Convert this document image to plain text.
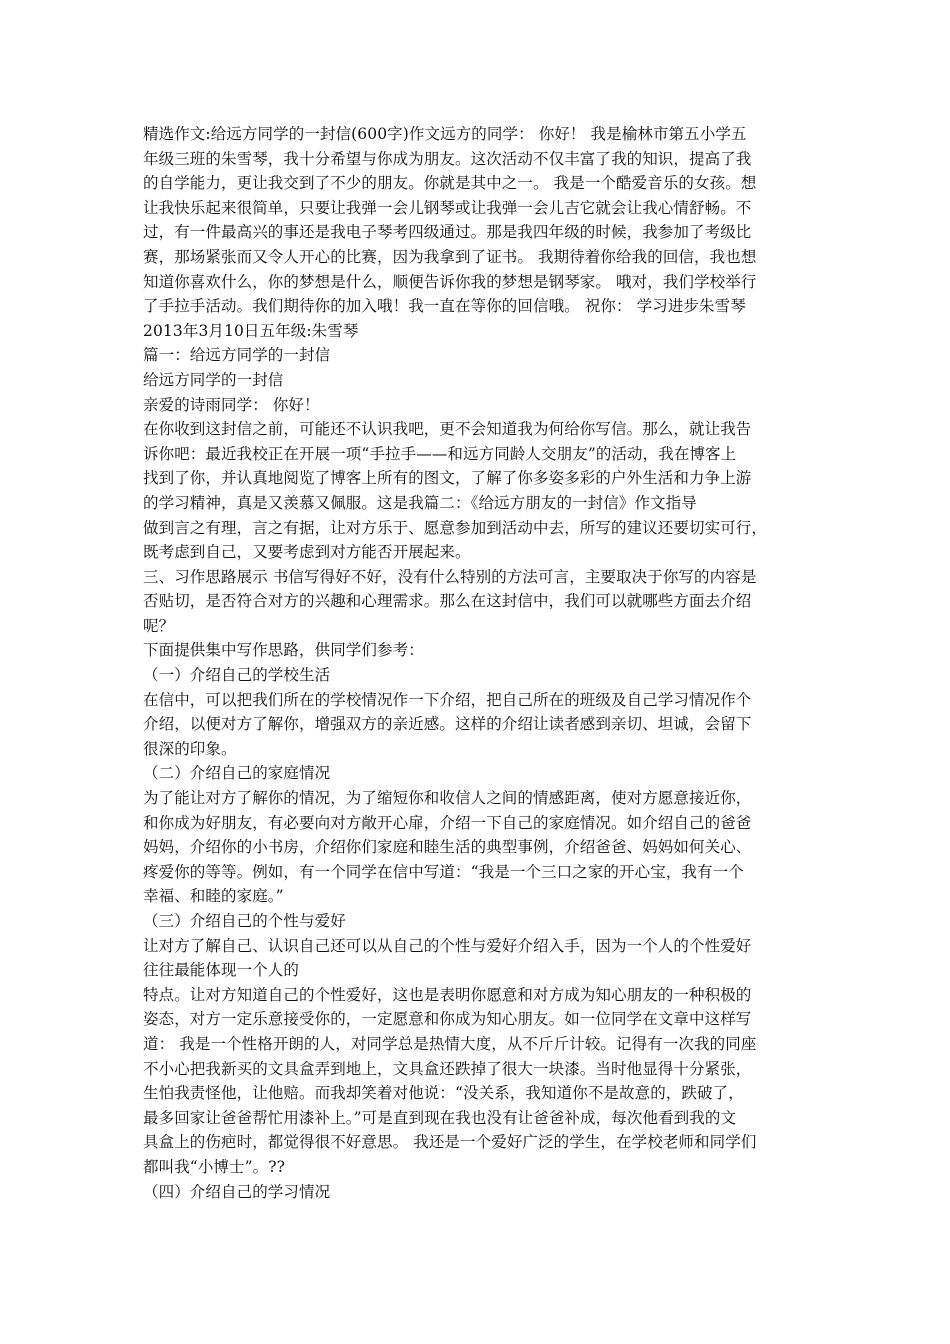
精选作文:给远方同学的一封信(600字)作文远方的同学： 你好！ 我是榆林市第五小学五
年级三班的朱雪琴，我十分希望与你成为朋友。这次活动不仅丰富了我的知识，提高了我
的自学能力，更让我交到了不少的朋友。你就是其中之一。 我是一个酷爱音乐的女孩。想
让我快乐起来很简单，只要让我弹一会儿钢琴或让我弹一会儿吉它就会让我心情舒畅。不
过，有一件最高兴的事还是我电子琴考四级通过。那是我四年级的时候，我参加了考级比
赛，那场紧张而又令人开心的比赛，因为我拿到了证书。 我期待着你给我的回信，我也想
知道你喜欢什么，你的梦想是什么，顺便告诉你我的梦想是钢琴家。 哦对，我们学校举行
了手拉手活动。我们期待你的加入哦！我一直在等你的回信哦。 祝你： 学习进步朱雪琴
2013年3月10日五年级:朱雪琴
篇一：给远方同学的一封信
给远方同学的一封信
亲爱的诗雨同学： 你好！
在你收到这封信之前，可能还不认识我吧，更不会知道我为何给你写信。那么，就让我告
诉你吧：最近我校正在开展一项“手拉手——和远方同龄人交朋友”的活动，我在博客上
找到了你，并认真地阅览了博客上所有的图文，了解了你多姿多彩的户外生活和力争上游
的学习精神，真是又羡慕又佩服。这是我篇二：《给远方朋友的一封信》作文指导
做到言之有理，言之有据，让对方乐于、愿意参加到活动中去，所写的建议还要切实可行，
既考虑到自己，又要考虑到对方能否开展起来。
三、习作思路展示 书信写得好不好，没有什么特别的方法可言，主要取决于你写的内容是
否贴切，是否符合对方的兴趣和心理需求。那么在这封信中，我们可以就哪些方面去介绍
呢？
下面提供集中写作思路，供同学们参考：
（一）介绍自己的学校生活
在信中，可以把我们所在的学校情况作一下介绍，把自己所在的班级及自己学习情况作个
介绍，以便对方了解你，增强双方的亲近感。这样的介绍让读者感到亲切、坦诚，会留下
很深的印象。
（二）介绍自己的家庭情况
为了能让对方了解你的情况，为了缩短你和收信人之间的情感距离，使对方愿意接近你，
和你成为好朋友，有必要向对方敞开心扉，介绍一下自己的家庭情况。如介绍自己的爸爸
妈妈，介绍你的小书房，介绍你们家庭和睦生活的典型事例，介绍爸爸、妈妈如何关心、
疼爱你的等等。例如，有一个同学在信中写道：“我是一个三口之家的开心宝，我有一个
幸福、和睦的家庭。”
（三）介绍自己的个性与爱好
让对方了解自己、认识自己还可以从自己的个性与爱好介绍入手，因为一个人的个性爱好
往往最能体现一个人的
特点。让对方知道自己的个性爱好，这也是表明你愿意和对方成为知心朋友的一种积极的
姿态，对方一定乐意接受你的，一定愿意和你成为知心朋友。如一位同学在文章中这样写
道： 我是一个性格开朗的人，对同学总是热情大度，从不斤斤计较。记得有一次我的同座
不小心把我新买的文具盒弄到地上，文具盒还跌掉了很大一块漆。当时他显得十分紧张，
生怕我责怪他，让他赔。而我却笑着对他说：“没关系，我知道你不是故意的，跌破了，
最多回家让爸爸帮忙用漆补上。”可是直到现在我也没有让爸爸补成，每次他看到我的文
具盒上的伤疤时，都觉得很不好意思。 我还是一个爱好广泛的学生，在学校老师和同学们
都叫我“小博士”。??
（四）介绍自己的学习情况
